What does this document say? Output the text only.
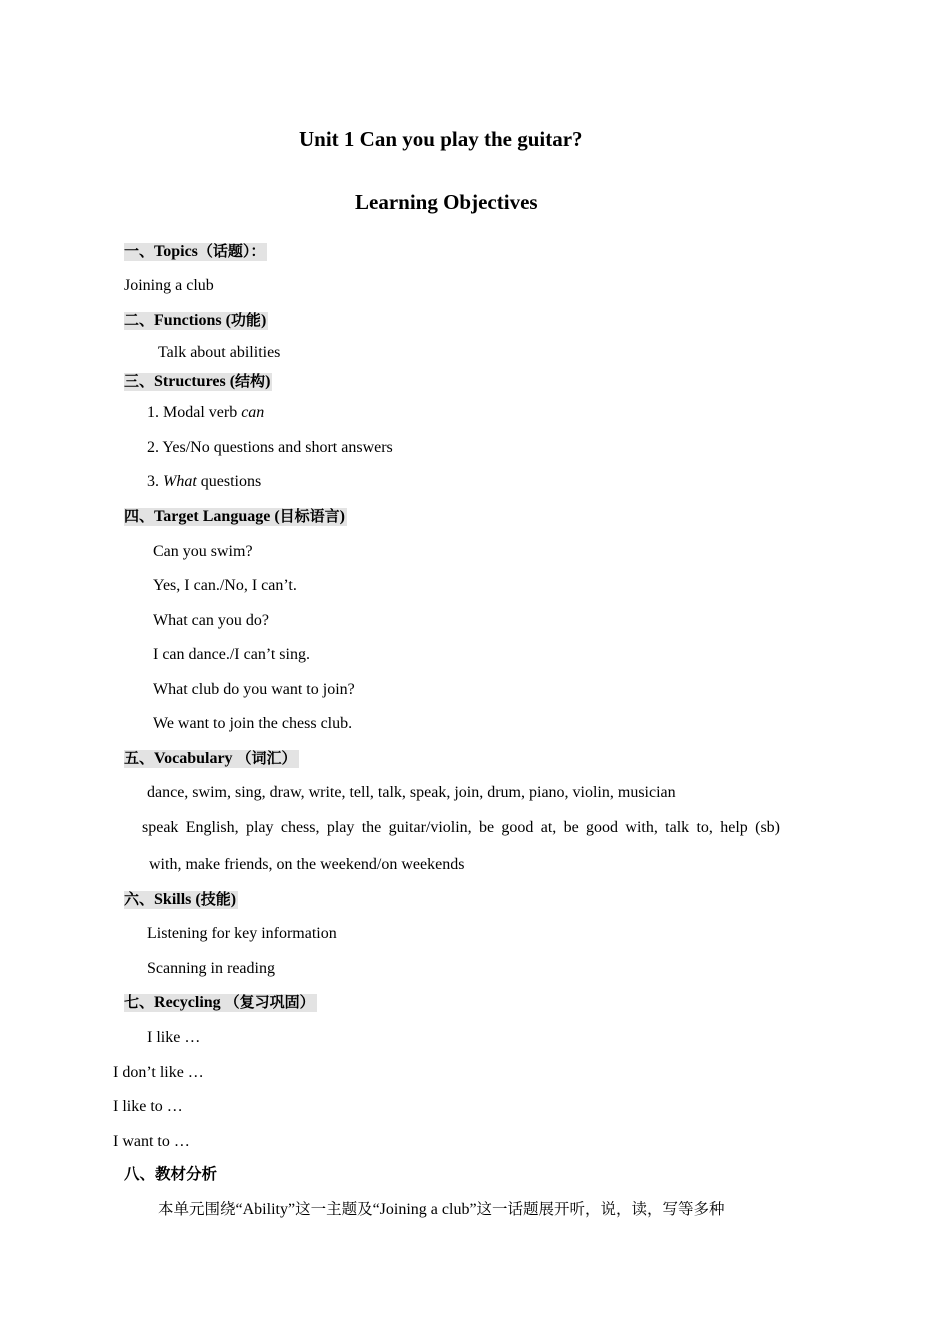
Unit 1 Can you play the guitar?
Learning Objectives
一、Topics（话题）：
Joining a club
二、Functions (功能)
Talk about abilities
三、Structures (结构)
1. Modal verb can
2. Yes/No questions and short answers
3. What questions
四、Target Language (目标语言)
Can you swim?
Yes, I can./No, I can’t.
What can you do?
I can dance./I can’t sing.
What club do you want to join?
We want to join the chess club.
五、Vocabulary （词汇）
dance, swim, sing, draw, write, tell, talk, speak, join, drum, piano, violin, musician
speak English, play chess, play the guitar/violin, be good at, be good with, talk to, help (sb)
with, make friends, on the weekend/on weekends
六、Skills (技能)
Listening for key information
Scanning in reading
七、Recycling （复习巩固）
I like …
I don’t like …
I like to …
I want to …
八、教材分析
本单元围绕“Ability”这一主题及“Joining a club”这一话题展开听，说，读，写等多种
